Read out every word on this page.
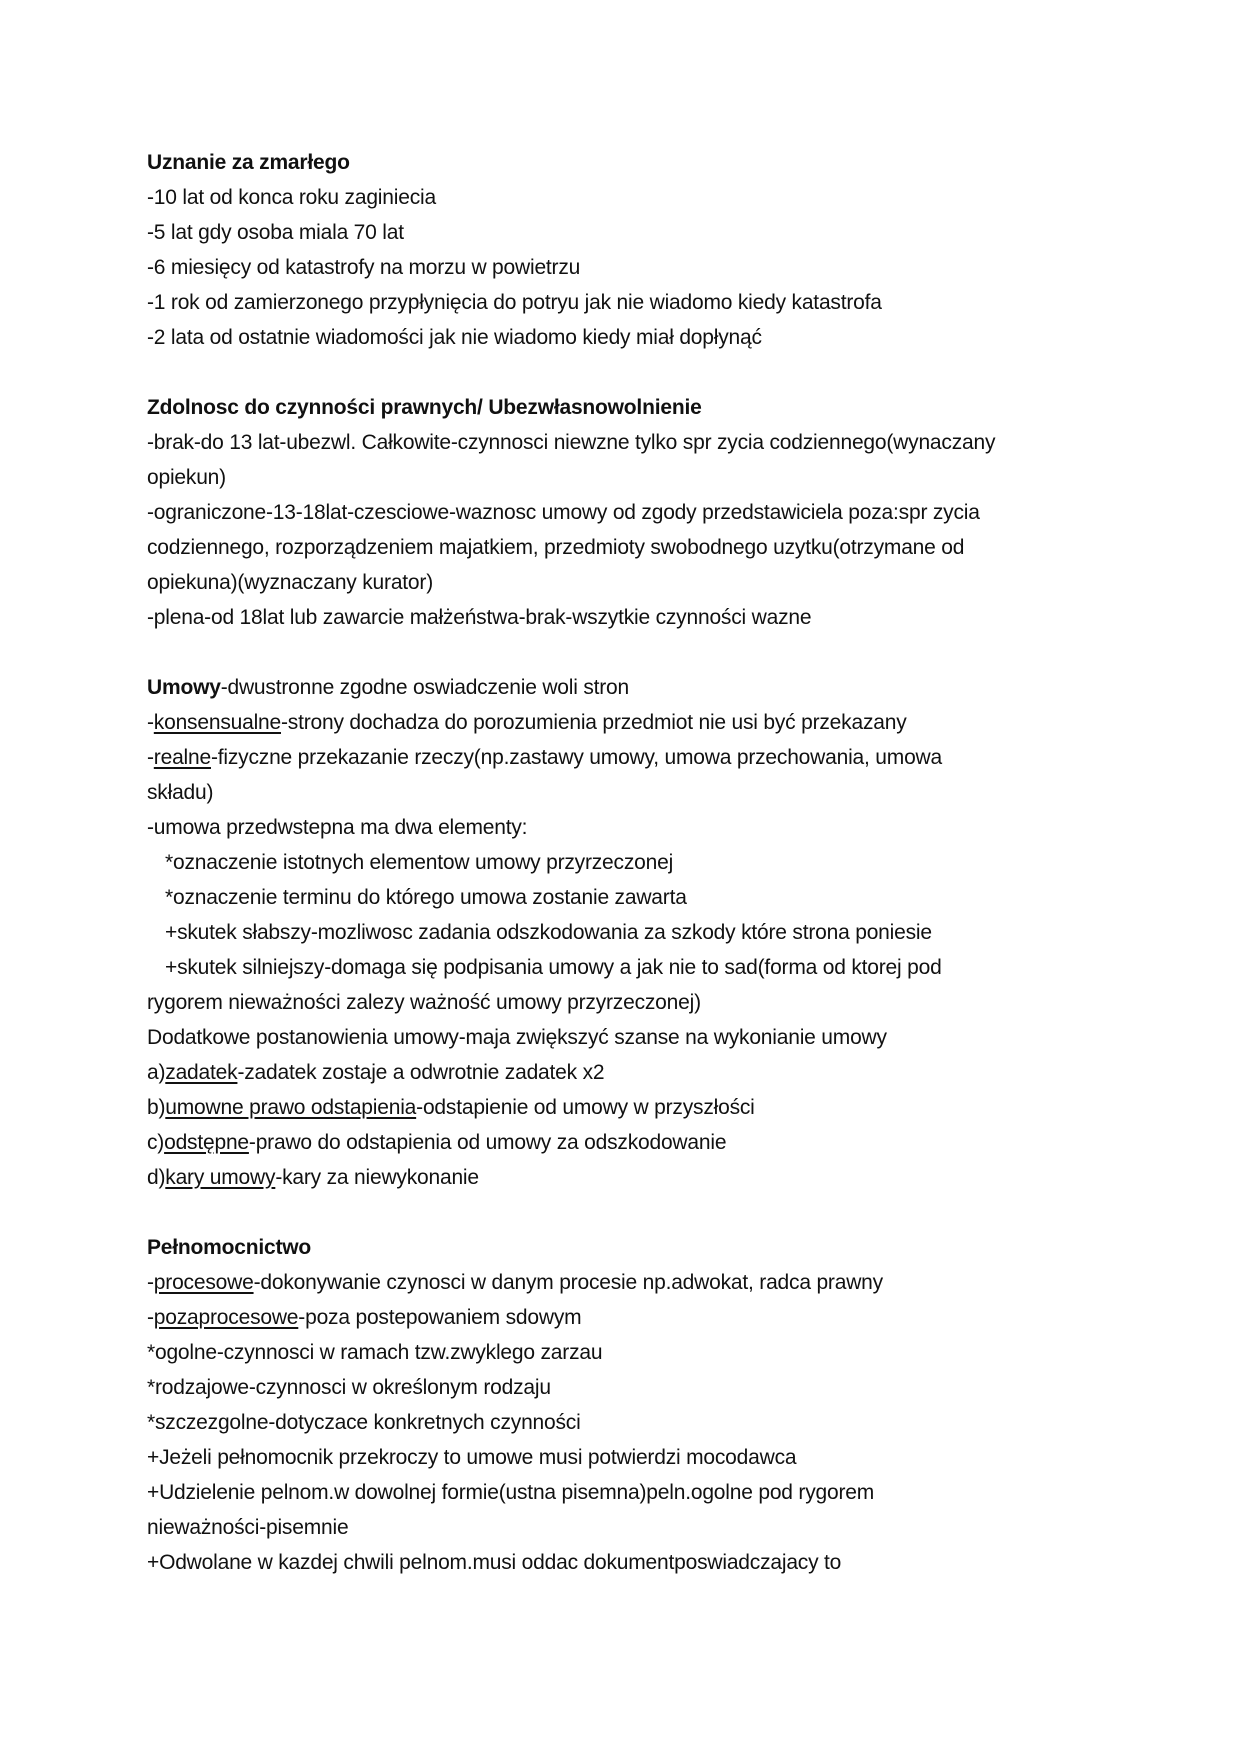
Uznanie za zmarłego
-10 lat od konca roku zaginiecia
-5 lat gdy osoba miala 70 lat
-6 miesięcy od katastrofy na morzu w powietrzu
-1 rok od zamierzonego przypłynięcia do potryu jak nie wiadomo kiedy katastrofa
-2 lata od ostatnie wiadomości jak nie wiadomo kiedy miał dopłynąć
Zdolnosc do czynności prawnych/ Ubezwłasnowolnienie
-brak-do 13 lat-ubezwl. Całkowite-czynnosci niewzne tylko spr zycia codziennego(wynaczany
opiekun)
-ograniczone-13-18lat-czesciowe-waznosc umowy od zgody przedstawiciela poza:spr zycia
codziennego, rozporządzeniem majatkiem, przedmioty swobodnego uzytku(otrzymane od
opiekuna)(wyznaczany kurator)
-plena-od 18lat lub zawarcie małżeństwa-brak-wszytkie czynności wazne
Umowy-dwustronne zgodne oswiadczenie woli stron
-konsensualne-strony dochadza do porozumienia przedmiot nie usi być przekazany
-realne-fizyczne przekazanie rzeczy(np.zastawy umowy, umowa przechowania, umowa
składu)
-umowa przedwstepna ma dwa elementy:
*oznaczenie istotnych elementow umowy przyrzeczonej
*oznaczenie terminu do którego umowa zostanie zawarta
+skutek słabszy-mozliwosc zadania odszkodowania za szkody które strona poniesie
+skutek silniejszy-domaga się podpisania umowy a jak nie to sad(forma od ktorej pod
rygorem nieważności zalezy ważność umowy przyrzeczonej)
Dodatkowe postanowienia umowy-maja zwiększyć szanse na wykonianie umowy
a)zadatek-zadatek zostaje a odwrotnie zadatek x2
b)umowne prawo odstapienia-odstapienie od umowy w przyszłości
c)odstępne-prawo do odstapienia od umowy za odszkodowanie
d)kary umowy-kary za niewykonanie
Pełnomocnictwo
-procesowe-dokonywanie czynosci w danym procesie np.adwokat, radca prawny
-pozaprocesowe-poza postepowaniem sdowym
*ogolne-czynnosci w ramach tzw.zwyklego zarzau
*rodzajowe-czynnosci w określonym rodzaju
*szczezgolne-dotyczace konkretnych czynności
+Jeżeli pełnomocnik przekroczy to umowe musi potwierdzi mocodawca
+Udzielenie pelnom.w dowolnej formie(ustna pisemna)peln.ogolne pod rygorem
nieważności-pisemnie
+Odwolane w kazdej chwili pelnom.musi oddac dokumentposwiadczajacy to
